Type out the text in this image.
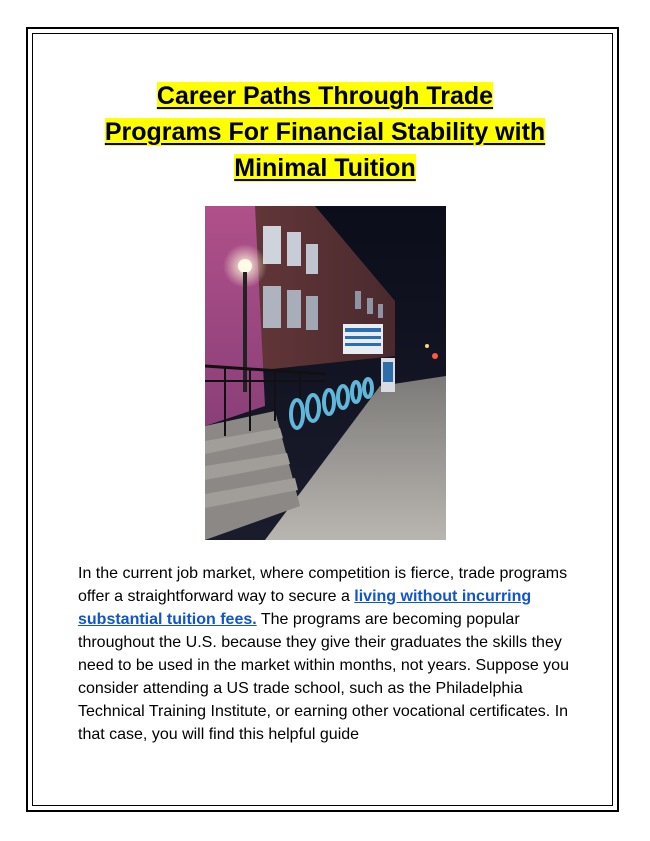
Career Paths Through Trade
Programs For Financial Stability with
Minimal Tuition

In the current job market, where competition is fierce, trade programs offer a straightforward way to secure a living without incurring substantial tuition fees. The programs are becoming popular throughout the U.S. because they give their graduates the skills they need to be used in the market within months, not years. Suppose you consider attending a US trade school, such as the Philadelphia Technical Training Institute, or earning other vocational certificates. In that case, you will find this helpful guide
